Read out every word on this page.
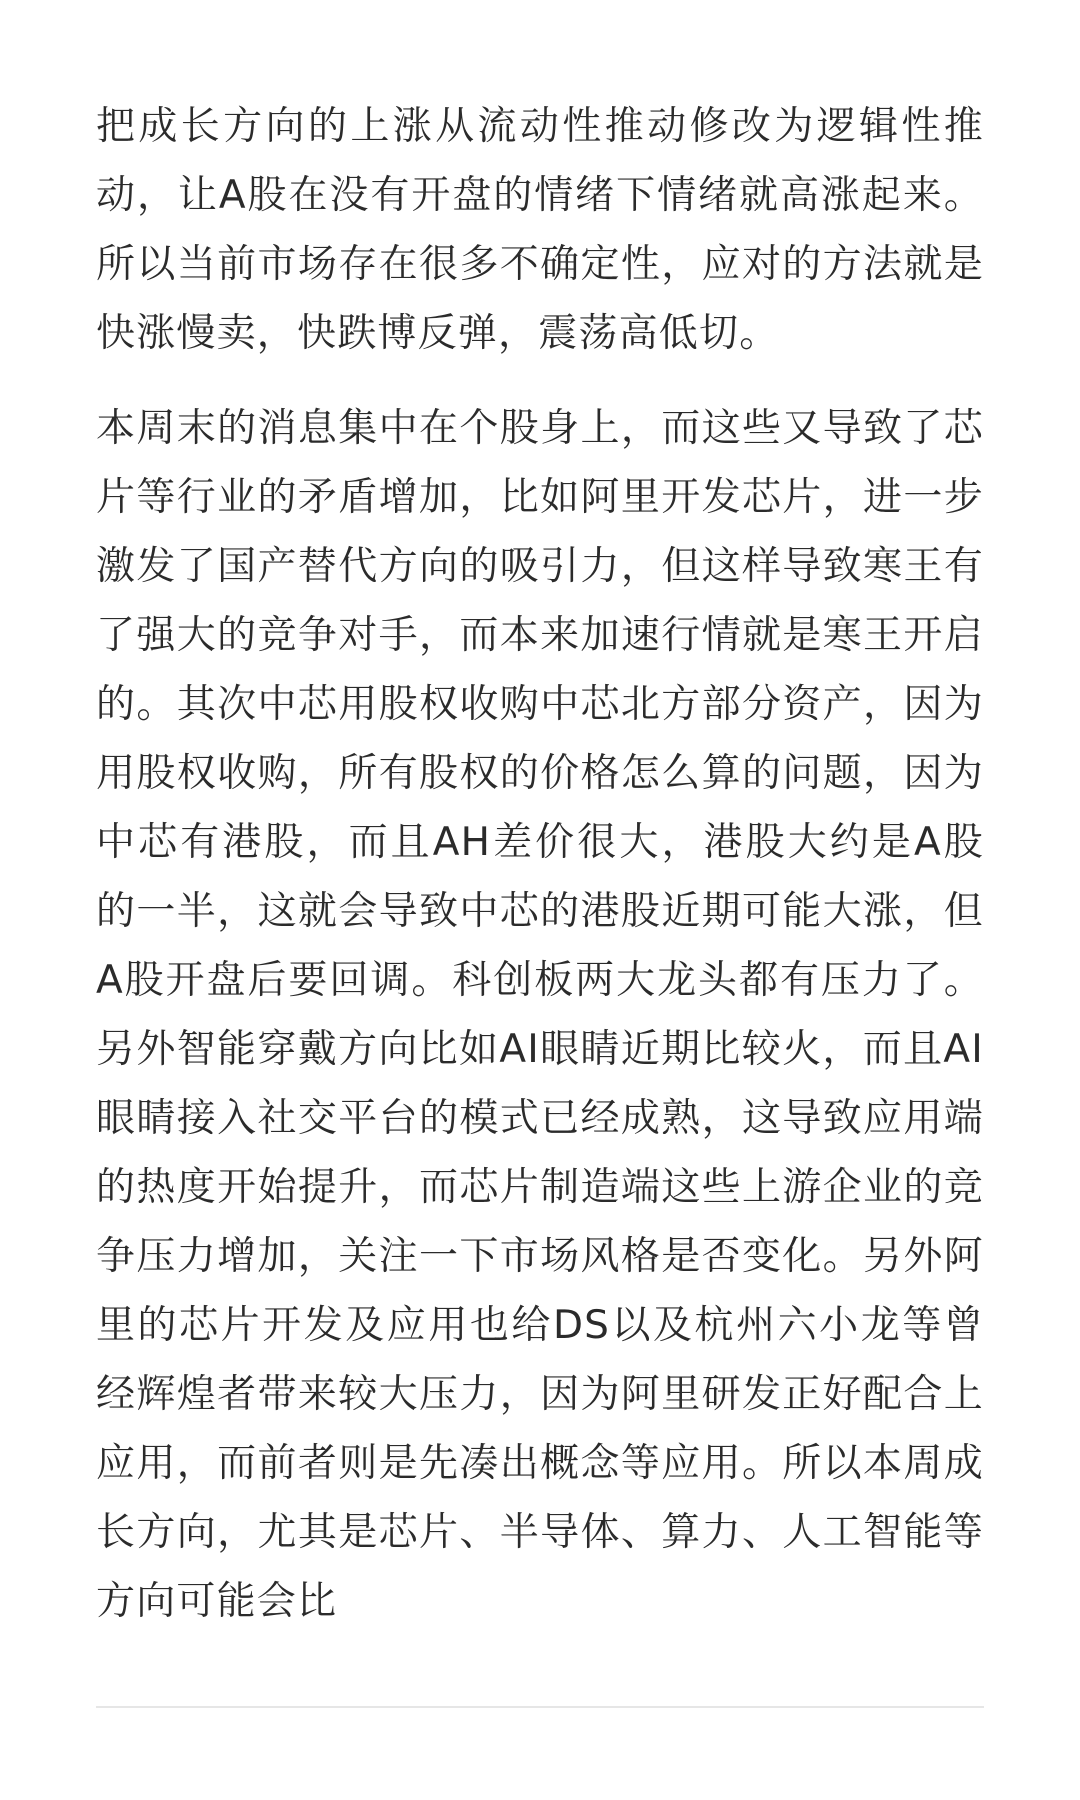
把成长方向的上涨从流动性推动修改为逻辑性推动，让A股在没有开盘的情绪下情绪就高涨起来。所以当前市场存在很多不确定性，应对的方法就是快涨慢卖，快跌博反弹，震荡高低切。

本周末的消息集中在个股身上，而这些又导致了芯片等行业的矛盾增加，比如阿里开发芯片，进一步激发了国产替代方向的吸引力，但这样导致寒王有了强大的竞争对手，而本来加速行情就是寒王开启的。其次中芯用股权收购中芯北方部分资产，因为用股权收购，所有股权的价格怎么算的问题，因为中芯有港股，而且AH差价很大，港股大约是A股的一半，这就会导致中芯的港股近期可能大涨，但A股开盘后要回调。科创板两大龙头都有压力了。另外智能穿戴方向比如AI眼睛近期比较火，而且AI眼睛接入社交平台的模式已经成熟，这导致应用端的热度开始提升，而芯片制造端这些上游企业的竞争压力增加，关注一下市场风格是否变化。另外阿里的芯片开发及应用也给DS以及杭州六小龙等曾经辉煌者带来较大压力，因为阿里研发正好配合上应用，而前者则是先凑出概念等应用。所以本周成长方向，尤其是芯片、半导体、算力、人工智能等方向可能会比
